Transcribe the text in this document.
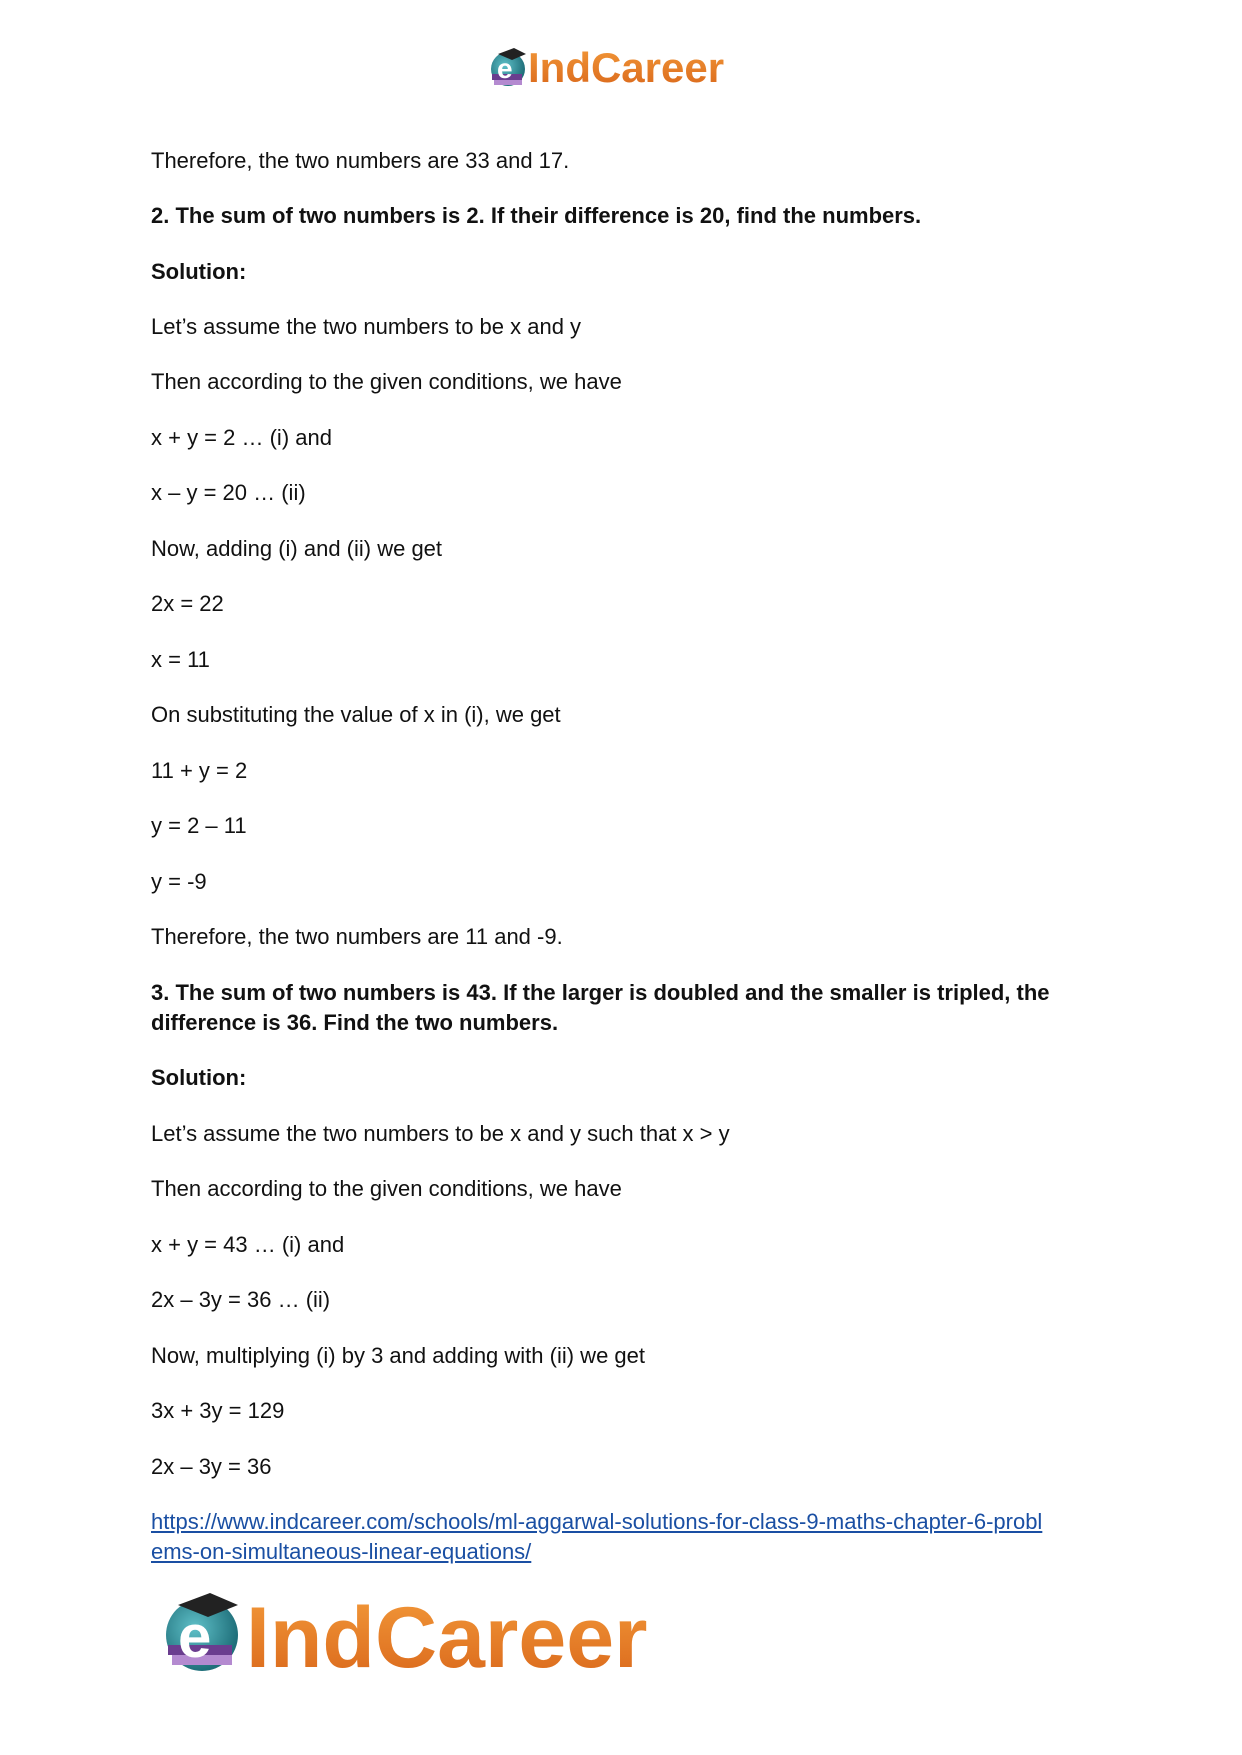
e IndCareer

Therefore, the two numbers are 33 and 17.

2. The sum of two numbers is 2. If their difference is 20, find the numbers.

Solution:

Let’s assume the two numbers to be x and y

Then according to the given conditions, we have

x + y = 2 … (i) and

x – y = 20 … (ii)

Now, adding (i) and (ii) we get

2x = 22

x = 11

On substituting the value of x in (i), we get

11 + y = 2

y = 2 – 11

y = -9

Therefore, the two numbers are 11 and -9.

3. The sum of two numbers is 43. If the larger is doubled and the smaller is tripled, the difference is 36. Find the two numbers.

Solution:

Let’s assume the two numbers to be x and y such that x > y

Then according to the given conditions, we have

x + y = 43 … (i) and

2x – 3y = 36 … (ii)

Now, multiplying (i) by 3 and adding with (ii) we get

3x + 3y = 129

2x – 3y = 36

https://www.indcareer.com/schools/ml-aggarwal-solutions-for-class-9-maths-chapter-6-probl
ems-on-simultaneous-linear-equations/
e IndCareer
